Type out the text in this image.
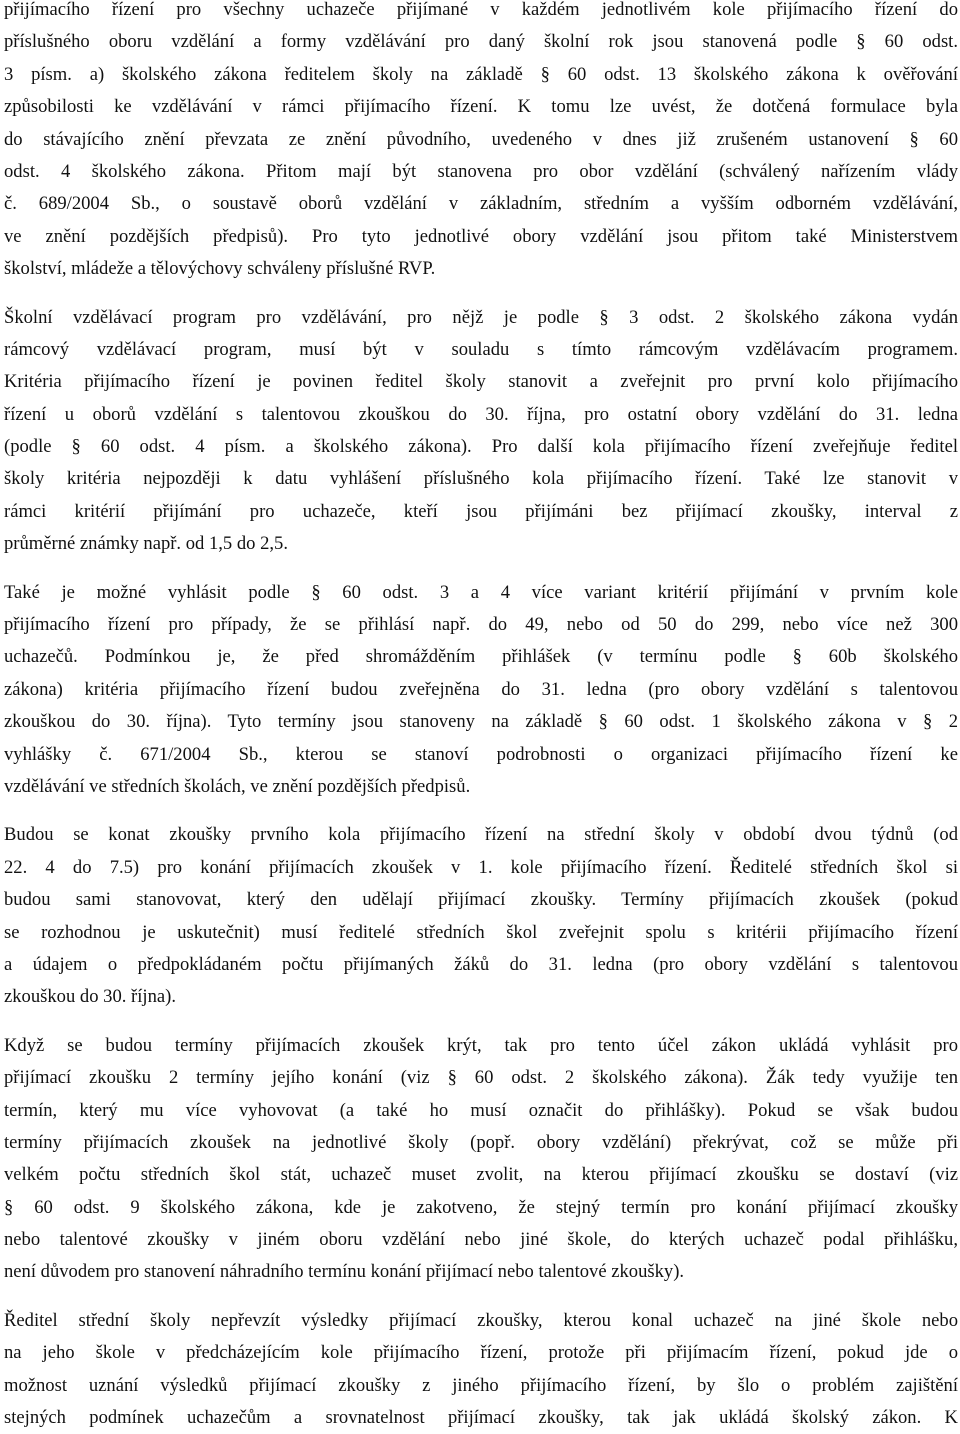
přijímacího řízení pro všechny uchazeče přijímané v každém jednotlivém kole přijímacího řízení do
příslušného oboru vzdělání a formy vzdělávání pro daný školní rok jsou stanovená podle § 60 odst.
3 písm. a) školského zákona ředitelem školy na základě § 60 odst. 13 školského zákona k ověřování
způsobilosti ke vzdělávání v rámci přijímacího řízení. K tomu lze uvést, že dotčená formulace byla
do stávajícího znění převzata ze znění původního, uvedeného v dnes již zrušeném ustanovení § 60
odst. 4 školského zákona. Přitom mají být stanovena pro obor vzdělání (schválený nařízením vlády
č. 689/2004 Sb., o soustavě oborů vzdělání v základním, středním a vyšším odborném vzdělávání,
ve znění pozdějších předpisů). Pro tyto jednotlivé obory vzdělání jsou přitom také Ministerstvem
školství, mládeže a tělovýchovy schváleny příslušné RVP.
Školní vzdělávací program pro vzdělávání, pro nějž je podle § 3 odst. 2 školského zákona vydán
rámcový vzdělávací program, musí být v souladu s tímto rámcovým vzdělávacím programem.
Kritéria přijímacího řízení je povinen ředitel školy stanovit a zveřejnit pro první kolo přijímacího
řízení u oborů vzdělání s talentovou zkouškou do 30. října, pro ostatní obory vzdělání do 31. ledna
(podle § 60 odst. 4 písm. a školského zákona). Pro další kola přijímacího řízení zveřejňuje ředitel
školy kritéria nejpozději k datu vyhlášení příslušného kola přijímacího řízení. Také lze stanovit v
rámci kritérií přijímání pro uchazeče, kteří jsou přijímáni bez přijímací zkoušky, interval z
průměrné známky např. od 1,5 do 2,5.
Také je možné vyhlásit podle § 60 odst. 3 a 4 více variant kritérií přijímání v prvním kole
přijímacího řízení pro případy, že se přihlásí např. do 49, nebo od 50 do 299, nebo více než 300
uchazečů. Podmínkou je, že před shromážděním přihlášek (v termínu podle § 60b školského
zákona) kritéria přijímacího řízení budou zveřejněna do 31. ledna (pro obory vzdělání s talentovou
zkouškou do 30. října). Tyto termíny jsou stanoveny na základě § 60 odst. 1 školského zákona v § 2
vyhlášky č. 671/2004 Sb., kterou se stanoví podrobnosti o organizaci přijímacího řízení ke
vzdělávání ve středních školách, ve znění pozdějších předpisů.
Budou se konat zkoušky prvního kola přijímacího řízení na střední školy v období dvou týdnů (od
22. 4 do 7.5) pro konání přijímacích zkoušek v 1. kole přijímacího řízení. Ředitelé středních škol si
budou sami stanovovat, který den udělají přijímací zkoušky. Termíny přijímacích zkoušek (pokud
se rozhodnou je uskutečnit) musí ředitelé středních škol zveřejnit spolu s kritérii přijímacího řízení
a údajem o předpokládaném počtu přijímaných žáků do 31. ledna (pro obory vzdělání s talentovou
zkouškou do 30. října).
Když se budou termíny přijímacích zkoušek krýt, tak pro tento účel zákon ukládá vyhlásit pro
přijímací zkoušku 2 termíny jejího konání (viz § 60 odst. 2 školského zákona). Žák tedy využije ten
termín, který mu více vyhovovat (a také ho musí označit do přihlášky). Pokud se však budou
termíny přijímacích zkoušek na jednotlivé školy (popř. obory vzdělání) překrývat, což se může při
velkém počtu středních škol stát, uchazeč muset zvolit, na kterou přijímací zkoušku se dostaví (viz
§ 60 odst. 9 školského zákona, kde je zakotveno, že stejný termín pro konání přijímací zkoušky
nebo talentové zkoušky v jiném oboru vzdělání nebo jiné škole, do kterých uchazeč podal přihlášku,
není důvodem pro stanovení náhradního termínu konání přijímací nebo talentové zkoušky).
Ředitel střední školy nepřevzít výsledky přijímací zkoušky, kterou konal uchazeč na jiné škole nebo
na jeho škole v předcházejícím kole přijímacího řízení, protože při přijímacím řízení, pokud jde o
možnost uznání výsledků přijímací zkoušky z jiného přijímacího řízení, by šlo o problém zajištění
stejných podmínek uchazečům a srovnatelnost přijímací zkoušky, tak jak ukládá školský zákon. K
